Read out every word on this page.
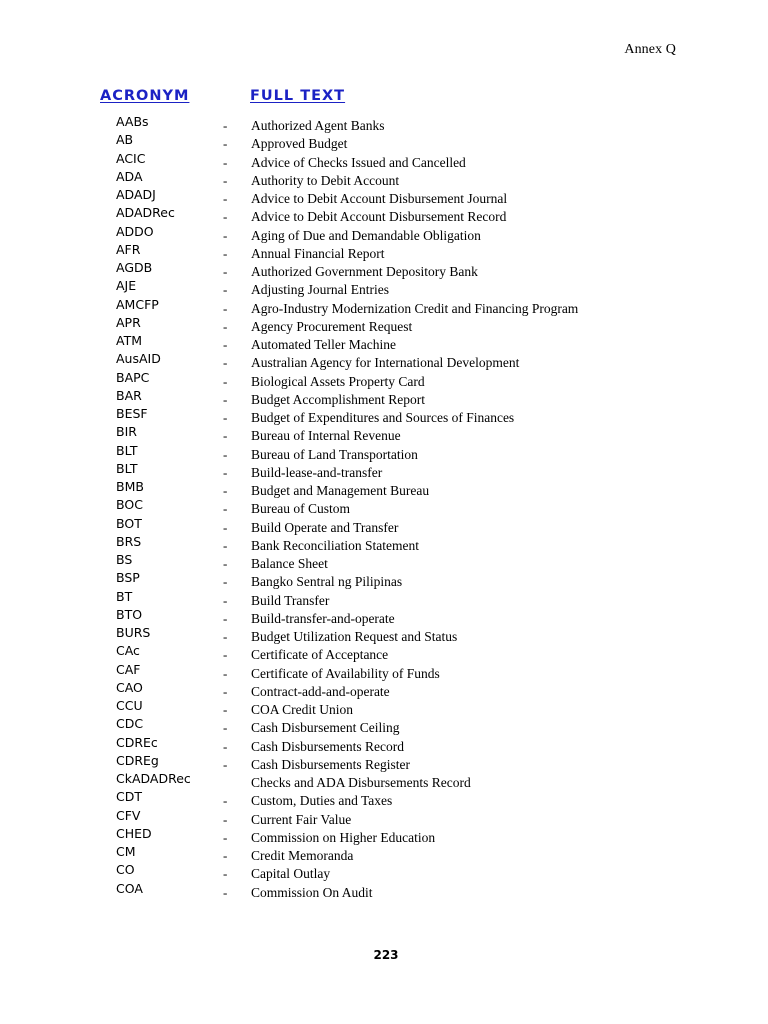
Annex Q
ACRONYM	FULL TEXT
AABs	- Authorized Agent Banks
AB	- Approved Budget
ACIC	- Advice of Checks Issued and Cancelled
ADA	- Authority to Debit Account
ADADJ	- Advice to Debit Account Disbursement Journal
ADADRec	- Advice to Debit Account Disbursement Record
ADDO	- Aging of Due and Demandable Obligation
AFR	- Annual Financial Report
AGDB	- Authorized Government Depository Bank
AJE	- Adjusting Journal Entries
AMCFP	- Agro-Industry Modernization Credit and Financing Program
APR	- Agency Procurement Request
ATM	- Automated Teller Machine
AusAID	- Australian Agency for International Development
BAPC	- Biological Assets Property Card
BAR	- Budget Accomplishment Report
BESF	- Budget of Expenditures and Sources of Finances
BIR	- Bureau of Internal Revenue
BLT	- Bureau of Land Transportation
BLT	- Build-lease-and-transfer
BMB	- Budget and Management Bureau
BOC	- Bureau of Custom
BOT	- Build Operate and Transfer
BRS	- Bank Reconciliation Statement
BS	- Balance Sheet
BSP	- Bangko Sentral ng Pilipinas
BT	- Build Transfer
BTO	- Build-transfer-and-operate
BURS	- Budget Utilization Request and Status
CAc	- Certificate of Acceptance
CAF	- Certificate of Availability of Funds
CAO	- Contract-add-and-operate
CCU	- COA Credit Union
CDC	- Cash Disbursement Ceiling
CDREc	- Cash Disbursements Record
CDREg	- Cash Disbursements Register
CkADADRec	Checks and ADA Disbursements Record
CDT	- Custom, Duties and Taxes
CFV	- Current Fair Value
CHED	- Commission on Higher Education
CM	- Credit Memoranda
CO	- Capital Outlay
COA	- Commission On Audit
223
